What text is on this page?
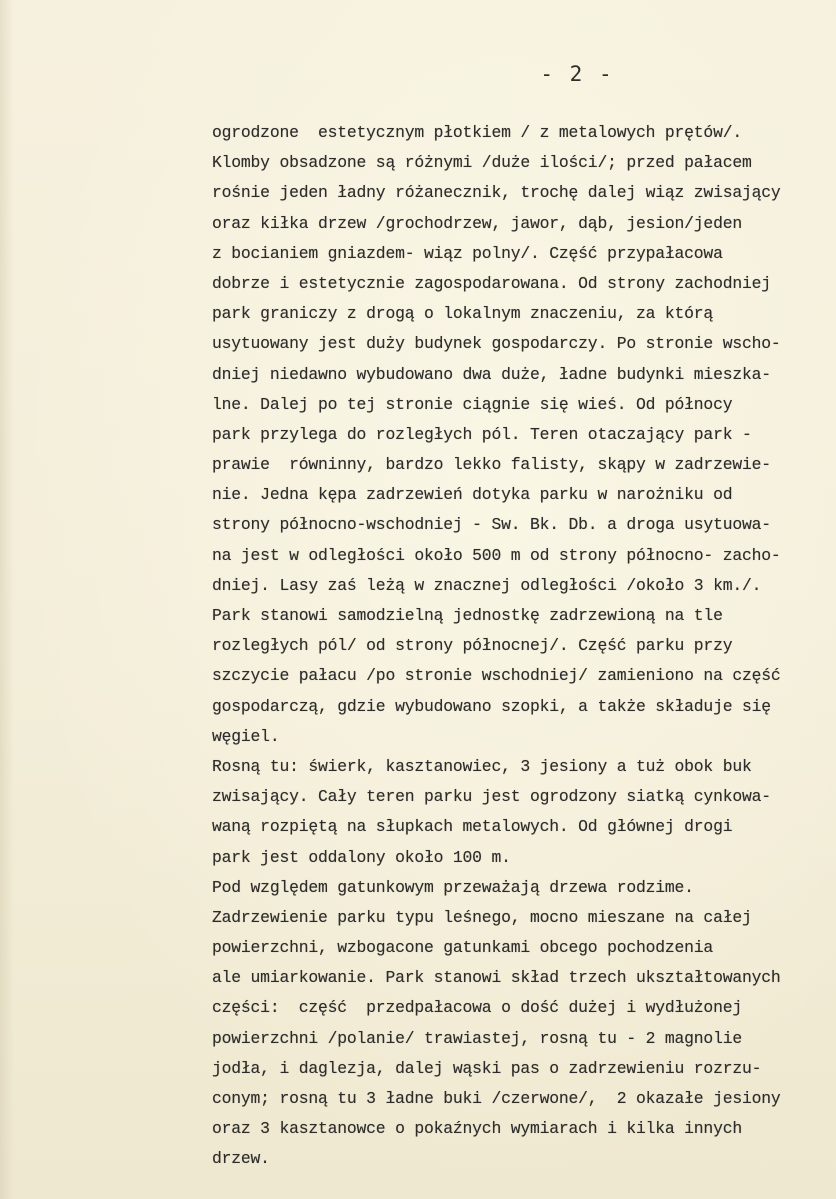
- 2 -
ogrodzone  estetycznym płotkiem / z metalowych prętów/.
Klomby obsadzone są różnymi /duże ilości/; przed pałacem
rośnie jeden ładny różanecznik, trochę dalej wiąz zwisający
oraz kiłka drzew /grochodrzew, jawor, dąb, jesion/jeden
z bocianiem gniazdem- wiąz polny/. Część przypałacowa
dobrze i estetycznie zagospodarowana. Od strony zachodniej
park graniczy z drogą o lokalnym znaczeniu, za którą
usytuowany jest duży budynek gospodarczy. Po stronie wscho-
dniej niedawno wybudowano dwa duże, ładne budynki mieszka-
lne. Dalej po tej stronie ciągnie się wieś. Od północy
park przylega do rozległych pól. Teren otaczający park -
prawie  równinny, bardzo lekko falisty, skąpy w zadrzewie-
nie. Jedna kępa zadrzewień dotyka parku w narożniku od
strony północno-wschodniej - Sw. Bk. Db. a droga usytuowa-
na jest w odległości około 500 m od strony północno- zacho-
dniej. Lasy zaś leżą w znacznej odległości /około 3 km./.
Park stanowi samodzielną jednostkę zadrzewioną na tle
rozległych pól/ od strony północnej/. Część parku przy
szczycie pałacu /po stronie wschodniej/ zamieniono na część
gospodarczą, gdzie wybudowano szopki, a także składuje się
węgiel.
Rosną tu: świerk, kasztanowiec, 3 jesiony a tuż obok buk
zwisający. Cały teren parku jest ogrodzony siatką cynkowa-
waną rozpiętą na słupkach metalowych. Od głównej drogi
park jest oddalony około 100 m.
Pod względem gatunkowym przeważają drzewa rodzime.
Zadrzewienie parku typu leśnego, mocno mieszane na całej
powierzchni, wzbogacone gatunkami obcego pochodzenia
ale umiarkowanie. Park stanowi skład trzech ukształtowanych
części:  część  przedpałacowa o dość dużej i wydłużonej
powierzchni /polanie/ trawiastej, rosną tu - 2 magnolie
jodła, i daglezja, dalej wąski pas o zadrzewieniu rozrzu-
conym; rosną tu 3 ładne buki /czerwone/,  2 okazałe jesiony
oraz 3 kasztanowce o pokaźnych wymiarach i kilka innych
drzew.
